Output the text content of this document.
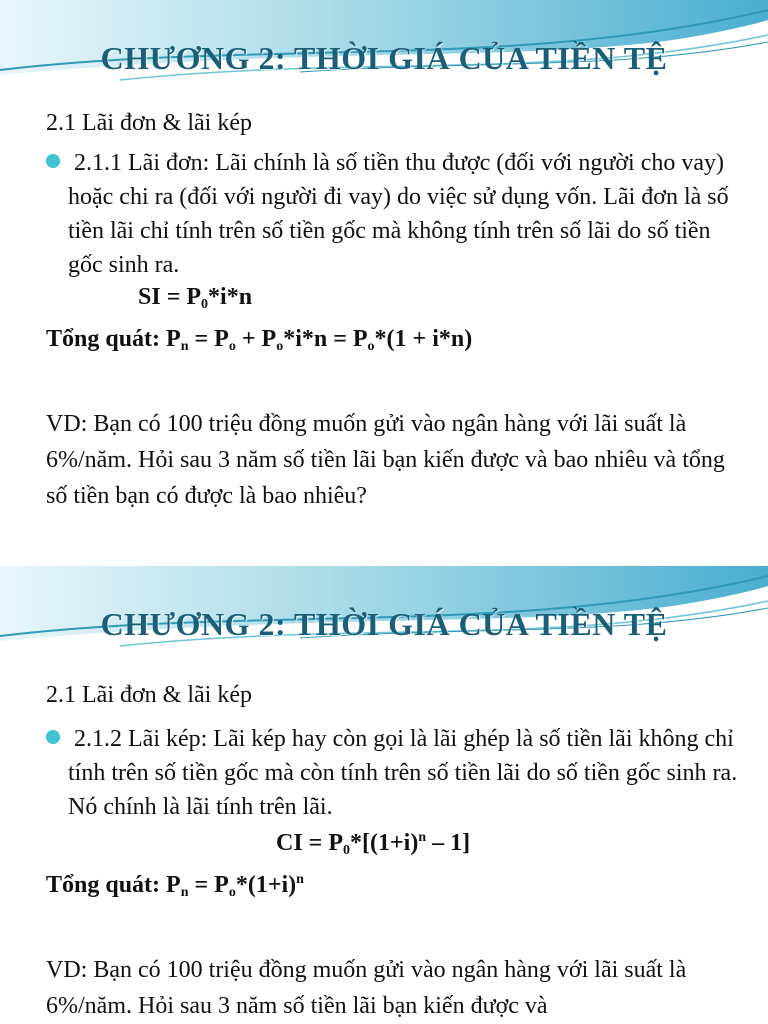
CHƯƠNG 2: THỜI GIÁ CỦA TIỀN TỆ
2.1 Lãi đơn & lãi kép
2.1.1 Lãi đơn: Lãi chính là số tiền thu được (đối với người cho vay) hoặc chi ra (đối với người đi vay) do việc sử dụng vốn. Lãi đơn là số tiền lãi chỉ tính trên số tiền gốc mà không tính trên số lãi do số tiền gốc sinh ra.
SI = $P_0*i*n$
Tổng quát: $P_n = P_o + P_o*i*n = P_o*(1 + i*n)$
VD: Bạn có 100 triệu đồng muốn gửi vào ngân hàng với lãi suất là 6%/năm. Hỏi sau 3 năm số tiền lãi bạn kiến được và bao nhiêu và tổng số tiền bạn có được là bao nhiêu?
CHƯƠNG 2: THỜI GIÁ CỦA TIỀN TỆ
2.1 Lãi đơn & lãi kép
2.1.2 Lãi kép: Lãi kép hay còn gọi là lãi ghép là số tiền lãi không chỉ tính trên số tiền gốc mà còn tính trên số tiền lãi do số tiền gốc sinh ra. Nó chính là lãi tính trên lãi.
CI = $P_0*[(1+i)^n - 1]$
Tổng quát: $P_n = P_o*(1+i)^n$
VD: Bạn có 100 triệu đồng muốn gửi vào ngân hàng với lãi suất là 6%/năm. Hỏi sau 3 năm số tiền lãi bạn kiến được và
